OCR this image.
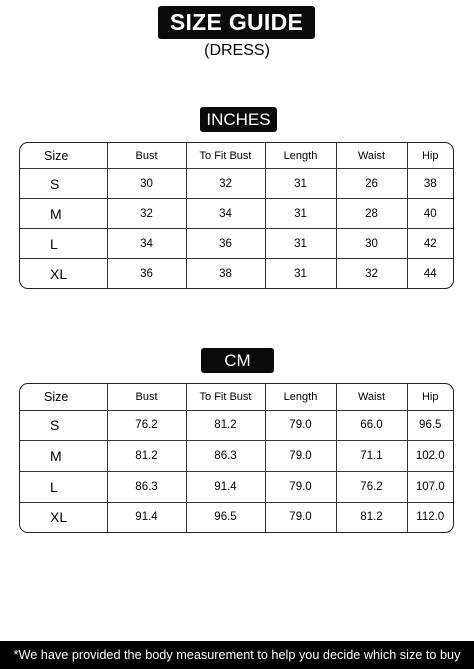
SIZE GUIDE
(DRESS)
INCHES
Size	Bust	To Fit Bust	Length	Waist	Hip
S	30	32	31	26	38
M	32	34	31	28	40
L	34	36	31	30	42
XL	36	38	31	32	44
CM
Size	Bust	To Fit Bust	Length	Waist	Hip
S	76.2	81.2	79.0	66.0	96.5
M	81.2	86.3	79.0	71.1	102.0
L	86.3	91.4	79.0	76.2	107.0
XL	91.4	96.5	79.0	81.2	112.0
*We have provided the body measurement to help you decide which size to buy
